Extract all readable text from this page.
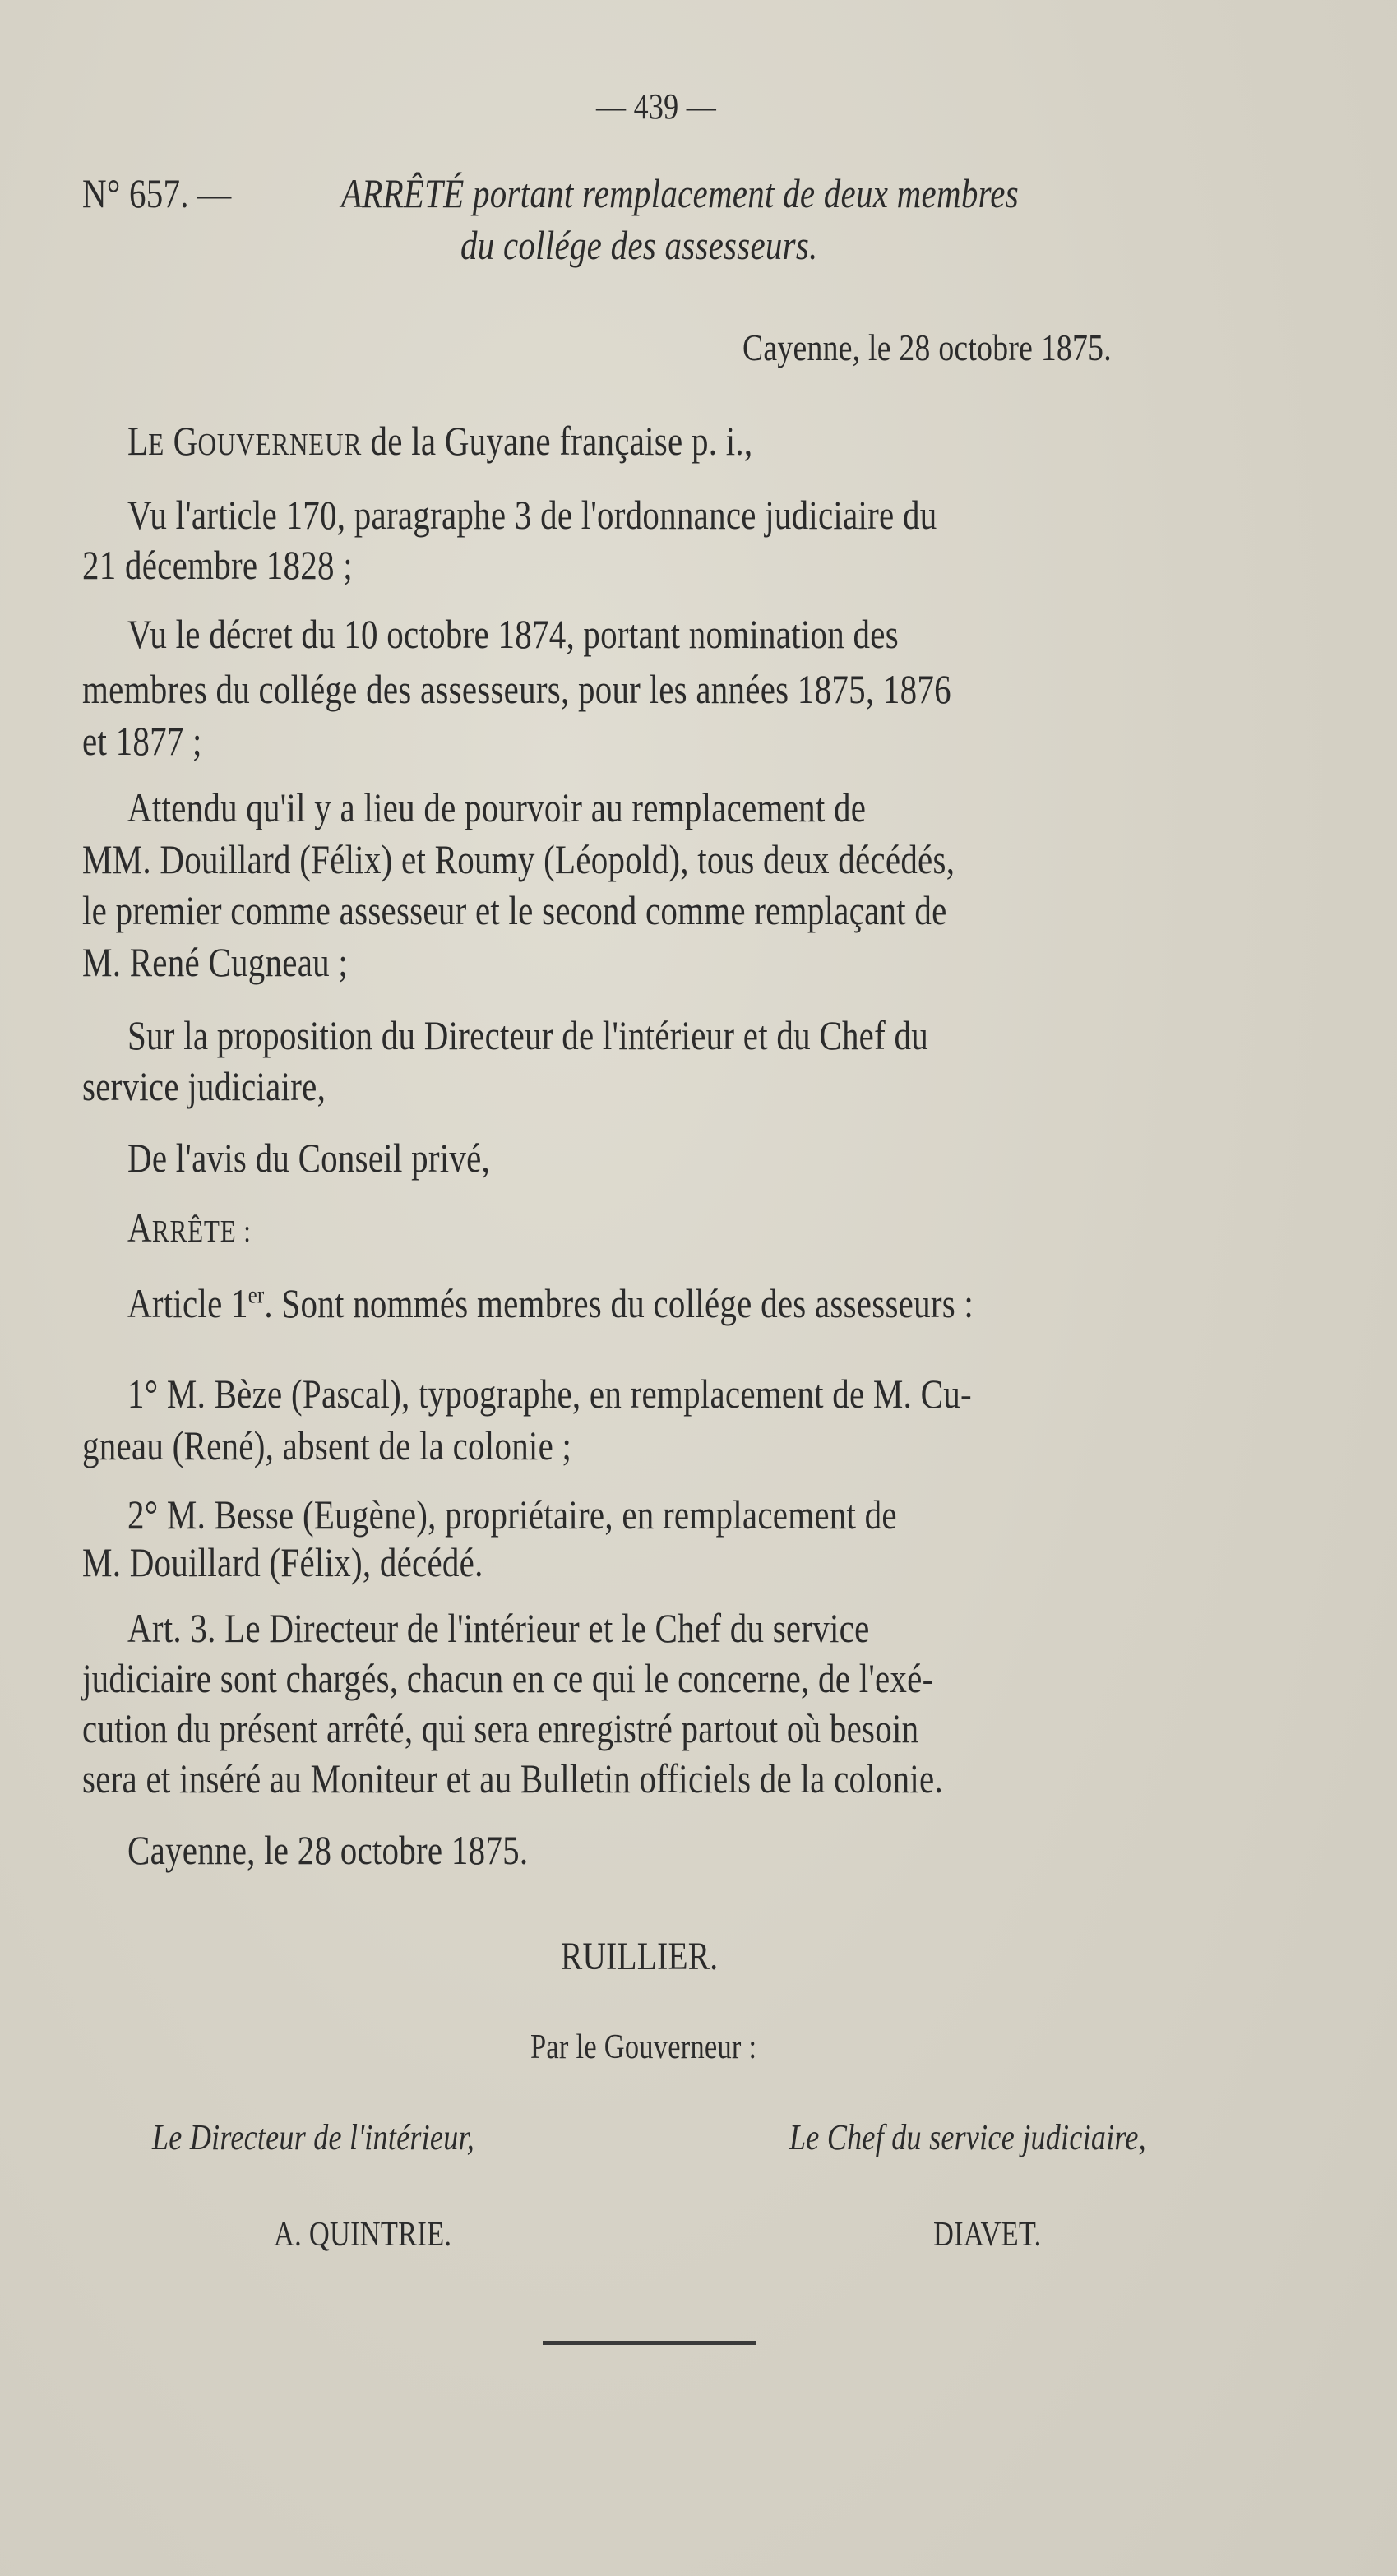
— 439 —
N° 657. —	ARRÊTÉ portant remplacement de deux membres
du collége des assesseurs.
Cayenne, le 28 octobre 1875.
LE GOUVERNEUR de la Guyane française p. i.,
Vu l'article 170, paragraphe 3 de l'ordonnance judiciaire du
21 décembre 1828 ;
Vu le décret du 10 octobre 1874, portant nomination des
membres du collége des assesseurs, pour les années 1875, 1876
et 1877 ;
Attendu qu'il y a lieu de pourvoir au remplacement de
MM. Douillard (Félix) et Roumy (Léopold), tous deux décédés,
le premier comme assesseur et le second comme remplaçant de
M. René Cugneau ;
Sur la proposition du Directeur de l'intérieur et du Chef du
service judiciaire,
De l'avis du Conseil privé,
ARRÊTE :
Article 1er. Sont nommés membres du collége des assesseurs :
1° M. Bèze (Pascal), typographe, en remplacement de M. Cu-
gneau (René), absent de la colonie ;
2° M. Besse (Eugène), propriétaire, en remplacement de
M. Douillard (Félix), décédé.
Art. 3. Le Directeur de l'intérieur et le Chef du service
judiciaire sont chargés, chacun en ce qui le concerne, de l'exé-
cution du présent arrêté, qui sera enregistré partout où besoin
sera et inséré au Moniteur et au Bulletin officiels de la colonie.
Cayenne, le 28 octobre 1875.
RUILLIER.
Par le Gouverneur :
Le Directeur de l'intérieur,	Le Chef du service judiciaire,
A. QUINTRIE.	DIAVET.
